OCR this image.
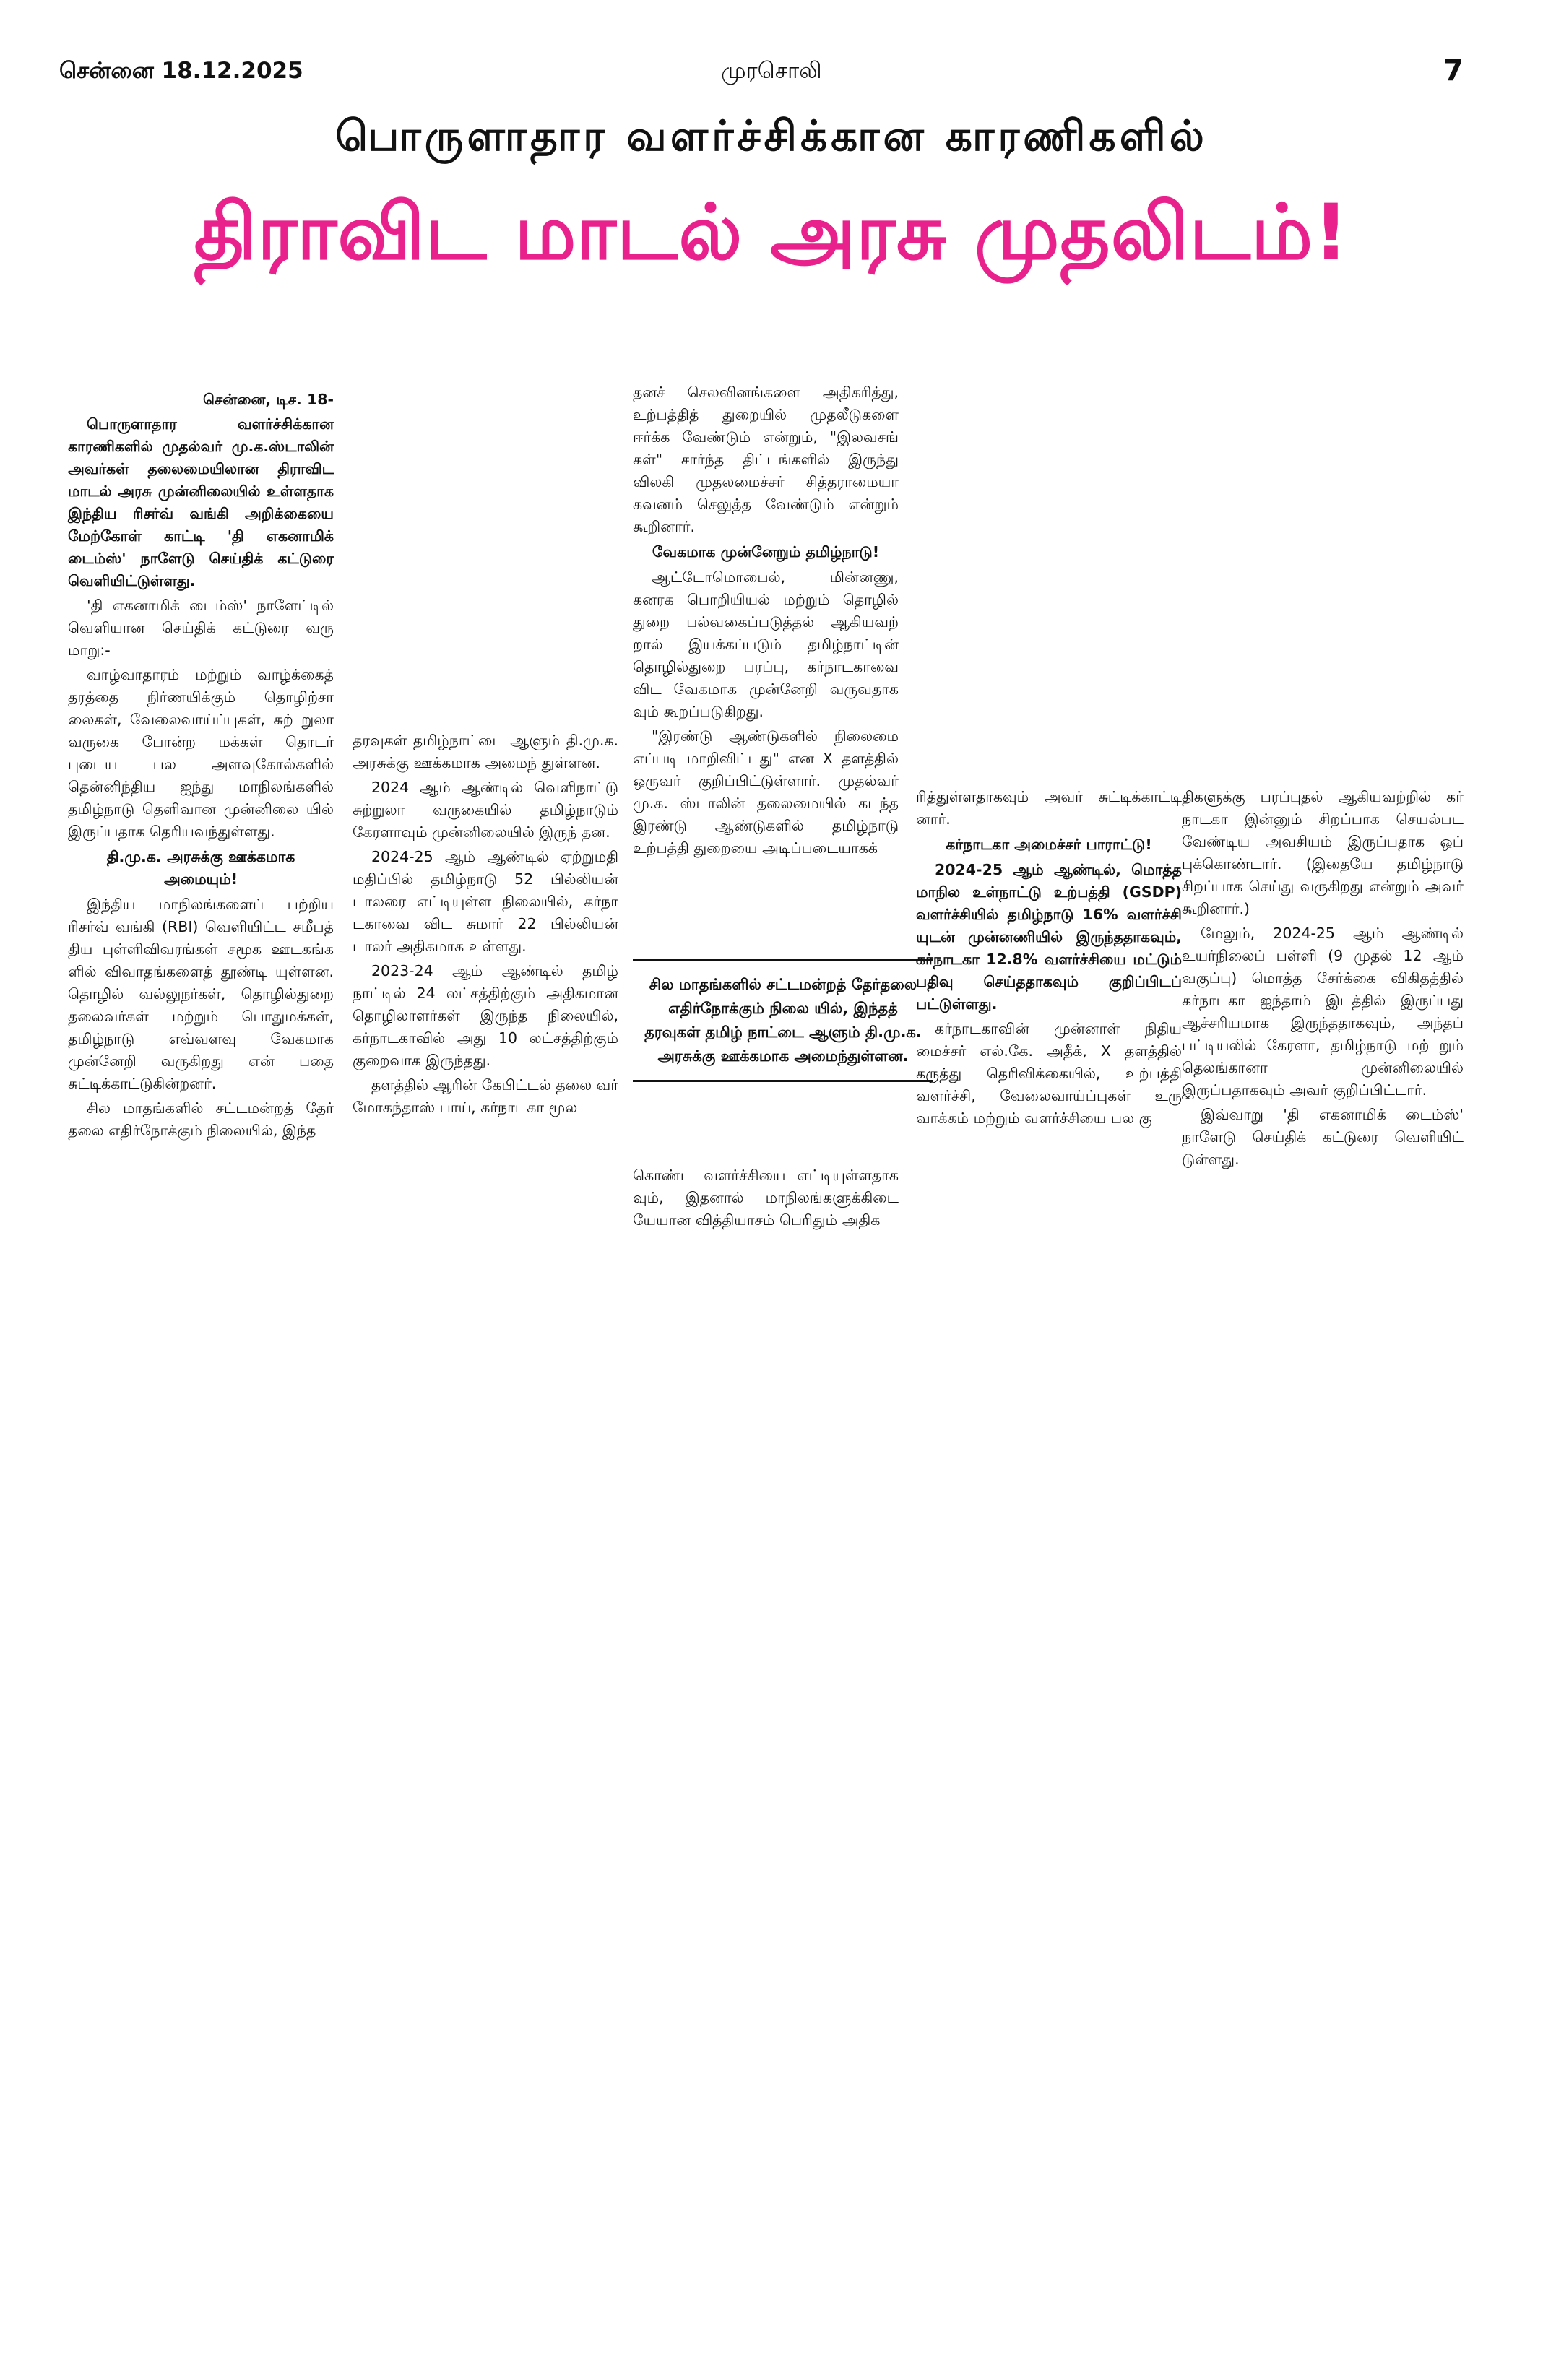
சென்னை 18.12.2025	முரசொலி	7
பொருளாதார வளர்ச்சிக்கான காரணிகளில்
திராவிட மாடல் அரசு முதலிடம்!

சென்னை, டிச. 18-

பொருளாதார வளர்ச்சிக்கான காரணிகளில் முதல்வர் மு.க.ஸ்டாலின் அவர்கள் தலைமையிலான திராவிட மாடல் அரசு முன்னிலையில் உள்ளதாக இந்திய ரிசர்வ் வங்கி அறிக்கையை மேற்கோள் காட்டி 'தி எகனாமிக் டைம்ஸ்' நாளேடு செய்திக் கட்டுரை வெளியிட்டுள்ளது.

'தி எகனாமிக் டைம்ஸ்' நாளேட்டில் வெளியான செய்திக் கட்டுரை வரு மாறு:-

வாழ்வாதாரம் மற்றும் வாழ்க்கைத் தரத்தை நிர்ணயிக்கும் தொழிற்சா லைகள், வேலைவாய்ப்புகள், சுற் றுலா வருகை போன்ற மக்கள் தொடர் புடைய பல அளவுகோல்களில் தென்னிந்திய ஐந்து மாநிலங்களில் தமிழ்நாடு தெளிவான முன்னிலை யில் இருப்பதாக தெரியவந்துள்ளது.

தி.மு.க. அரசுக்கு ஊக்கமாக அமையும்!

இந்திய மாநிலங்களைப் பற்றிய ரிசர்வ் வங்கி (RBI) வெளியிட்ட சமீபத் திய புள்ளிவிவரங்கள் சமூக ஊடகங்க ளில் விவாதங்களைத் தூண்டி யுள்ளன. தொழில் வல்லுநர்கள், தொழில்துறை தலைவர்கள் மற்றும் பொதுமக்கள், தமிழ்நாடு எவ்வளவு வேகமாக முன்னேறி வருகிறது என் பதை சுட்டிக்காட்டுகின்றனர்.

சில மாதங்களில் சட்டமன்றத் தேர் தலை எதிர்நோக்கும் நிலையில், இந்த

தரவுகள் தமிழ்நாட்டை ஆளும் தி.மு.க. அரசுக்கு ஊக்கமாக அமைந் துள்ளன.

2024 ஆம் ஆண்டில் வெளிநாட்டு சுற்றுலா வருகையில் தமிழ்நாடும் கேரளாவும் முன்னிலையில் இருந் தன.

2024-25 ஆம் ஆண்டில் ஏற்றுமதி மதிப்பில் தமிழ்நாடு 52 பில்லியன் டாலரை எட்டியுள்ள நிலையில், கர்நா டகாவை விட சுமார் 22 பில்லியன் டாலர் அதிகமாக உள்ளது.

2023-24 ஆம் ஆண்டில் தமிழ் நாட்டில் 24 லட்சத்திற்கும் அதிகமான தொழிலாளர்கள் இருந்த நிலையில், கர்நாடகாவில் அது 10 லட்சத்திற்கும் குறைவாக இருந்தது.

தளத்தில் ஆரின் கேபிட்டல் தலை வர் மோகந்தாஸ் பாய், கர்நாடகா மூல

தனச் செலவினங்களை அதிகரித்து, உற்பத்தித் துறையில் முதலீடுகளை ஈர்க்க வேண்டும் என்றும், "இலவசங் கள்" சார்ந்த திட்டங்களில் இருந்து விலகி முதலமைச்சர் சித்தராமையா கவனம் செலுத்த வேண்டும் என்றும் கூறினார்.

வேகமாக முன்னேறும் தமிழ்நாடு!

ஆட்டோமொபைல், மின்னணு, கனரக பொறியியல் மற்றும் தொழில் துறை பல்வகைப்படுத்தல் ஆகியவற் றால் இயக்கப்படும் தமிழ்நாட்டின் தொழில்துறை பரப்பு, கர்நாடகாவை விட வேகமாக முன்னேறி வருவதாக வும் கூறப்படுகிறது.

"இரண்டு ஆண்டுகளில் நிலைமை எப்படி மாறிவிட்டது" என X தளத்தில் ஒருவர் குறிப்பிட்டுள்ளார். முதல்வர் மு.க. ஸ்டாலின் தலைமையில் கடந்த இரண்டு ஆண்டுகளில் தமிழ்நாடு உற்பத்தி துறையை அடிப்படையாகக்

சில மாதங்களில் சட்டமன்றத் தேர்தலை எதிர்நோக்கும் நிலை யில், இந்தத் தரவுகள் தமிழ் நாட்டை ஆளும் தி.மு.க. அரசுக்கு ஊக்கமாக அமைந்துள்ளன.

கொண்ட வளர்ச்சியை எட்டியுள்ளதாக வும், இதனால் மாநிலங்களுக்கிடை யேயான வித்தியாசம் பெரிதும் அதிக

ரித்துள்ளதாகவும் அவர் சுட்டிக்காட்டி னார்.

கர்நாடகா அமைச்சர் பாராட்டு!

2024-25 ஆம் ஆண்டில், மொத்த மாநில உள்நாட்டு உற்பத்தி (GSDP) வளர்ச்சியில் தமிழ்நாடு 16% வளர்ச்சி யுடன் முன்னணியில் இருந்ததாகவும், கர்நாடகா 12.8% வளர்ச்சியை மட்டும் பதிவு செய்ததாகவும் குறிப்பிடப் பட்டுள்ளது.

கர்நாடகாவின் முன்னாள் நிதிய மைச்சர் எல்.கே. அதீக், X தளத்தில் கருத்து தெரிவிக்கையில், உற்பத்தி வளர்ச்சி, வேலைவாய்ப்புகள் உரு வாக்கம் மற்றும் வளர்ச்சியை பல கு

திகளுக்கு பரப்புதல் ஆகியவற்றில் கர் நாடகா இன்னும் சிறப்பாக செயல்பட வேண்டிய அவசியம் இருப்பதாக ஒப் புக்கொண்டார். (இதையே தமிழ்நாடு சிறப்பாக செய்து வருகிறது என்றும் அவர் கூறினார்.)

மேலும், 2024-25 ஆம் ஆண்டில் உயர்நிலைப் பள்ளி (9 முதல் 12 ஆம் வகுப்பு) மொத்த சேர்க்கை விகிதத்தில் கர்நாடகா ஐந்தாம் இடத்தில் இருப்பது ஆச்சரியமாக இருந்ததாகவும், அந்தப் பட்டியலில் கேரளா, தமிழ்நாடு மற் றும் தெலங்கானா முன்னிலையில் இருப்பதாகவும் அவர் குறிப்பிட்டார்.

இவ்வாறு 'தி எகனாமிக் டைம்ஸ்' நாளேடு செய்திக் கட்டுரை வெளியிட் டுள்ளது.
